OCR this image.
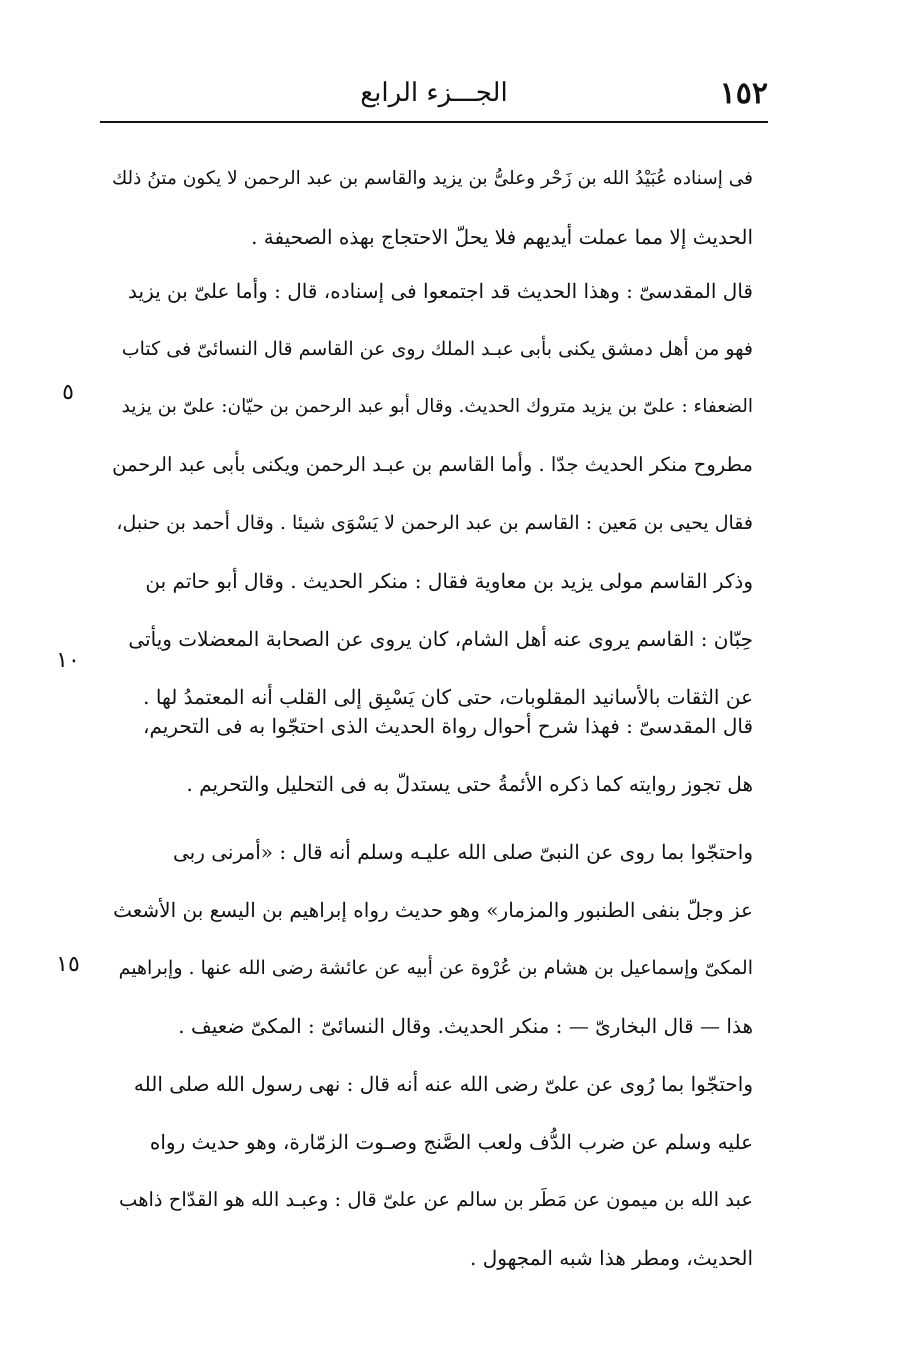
١٥٢
الجـــزء الرابع
فى إسناده عُبَيْدُ الله بن زَحْر وعلىُّ بن يزيد والقاسم بن عبد الرحمن لا يكون متنُ ذلك
الحديث إلا مما عملت أيديهم فلا يحلّ الاحتجاج بهذه الصحيفة .
قال المقدسىّ : وهذا الحديث قد اجتمعوا فى إسناده، قال : وأما علىّ بن يزيد
فهو من أهل دمشق يكنى بأبى عبـد الملك روى عن القاسم قال النسائىّ فى كتاب
الضعفاء : علىّ بن يزيد متروك الحديث. وقال أبو عبد الرحمن بن حيّان: علىّ بن يزيد
مطروح منكر الحديث جدّا . وأما القاسم بن عبـد الرحمن ويكنى بأبى عبد الرحمن
فقال يحيى بن مَعين : القاسم بن عبد الرحمن لا يَسْوَى شيئا . وقال أحمد بن حنبل،
وذكر القاسم مولى يزيد بن معاوية فقال : منكر الحديث . وقال أبو حاتم بن
حِبّان : القاسم يروى عنه أهل الشام، كان يروى عن الصحابة المعضلات ويأتى
عن الثقات بالأسانيد المقلوبات، حتى كان يَسْبِق إلى القلب أنه المعتمدُ لها .
قال المقدسىّ : فهذا شرح أحوال رواة الحديث الذى احتجّوا به فى التحريم،
هل تجوز روايته كما ذكره الأئمةُ حتى يستدلّ به فى التحليل والتحريم .
واحتجّوا بما روى عن النبىّ صلى الله عليـه وسلم أنه قال : «أمرنى ربى
عز وجلّ بنفى الطنبور والمزمار» وهو حديث رواه إبراهيم بن اليسع بن الأشعث
المكىّ وإسماعيل بن هشام بن عُرْوة عن أبيه عن عائشة رضى الله عنها . وإبراهيم
هذا — قال البخارىّ — : منكر الحديث. وقال النسائىّ : المكىّ ضعيف .
واحتجّوا بما رُوى عن علىّ رضى الله عنه أنه قال : نهى رسول الله صلى الله
عليه وسلم عن ضرب الدُّف ولعب الصَّنج وصـوت الزمّارة، وهو حديث رواه
عبد الله بن ميمون عن مَطَر بن سالم عن علىّ قال : وعبـد الله هو القدّاح ذاهب
الحديث، ومطر هذا شبه المجهول .
٥
١٠
١٥
